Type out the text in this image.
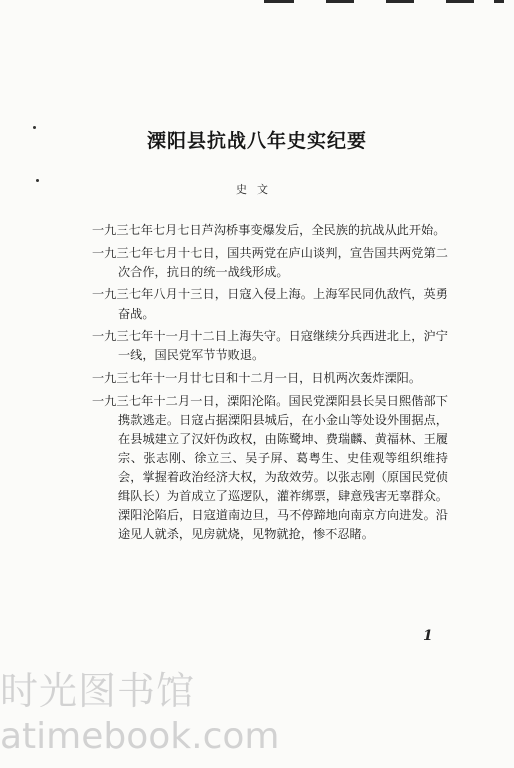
溧阳县抗战八年史实纪要
史文

一九三七年七月七日芦沟桥事变爆发后，全民族的抗战从此开始。

一九三七年七月十七日，国共两党在庐山谈判，宣告国共两党第二次合作，抗日的统一战线形成。

一九三七年八月十三日，日寇入侵上海。上海军民同仇敌忾，英勇奋战。

一九三七年十一月十二日上海失守。日寇继续分兵西进北上，沪宁一线，国民党军节节败退。

一九三七年十一月廿七日和十二月一日，日机两次轰炸溧阳。

一九三七年十二月一日，溧阳沦陷。国民党溧阳县长吴日熙偕部下携款逃走。日寇占据溧阳县城后，在小金山等处设外围据点，在县城建立了汉奸伪政权，由陈鹭坤、费瑞麟、黄福林、王履宗、张志刚、徐立三、吴子屏、葛粤生、史佳观等组织维持会，掌握着政治经济大权，为敌效劳。以张志刚（原国民党侦缉队长）为首成立了巡逻队，灌祚绑票，肆意残害无辜群众。溧阳沦陷后，日寇道南边旦，马不停蹄地向南京方向进发。沿途见人就杀，见房就烧，见物就抢，惨不忍睹。

1
时光图书馆
atimebook.com
